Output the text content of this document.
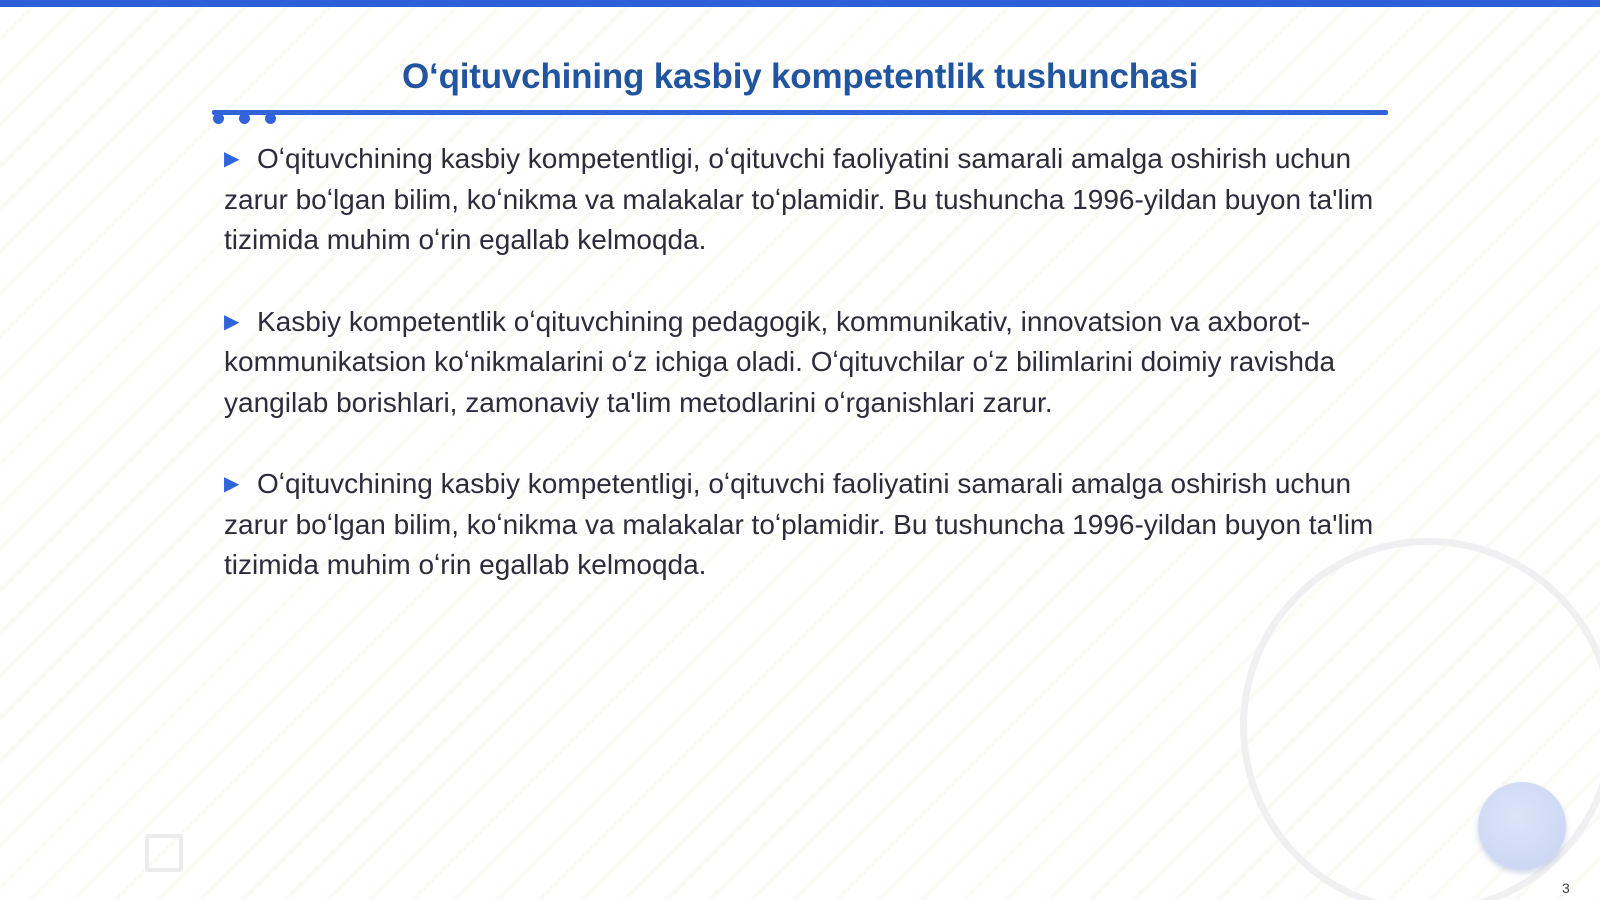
Oʻqituvchining kasbiy kompetentlik tushunchasi

▶ Oʻqituvchining kasbiy kompetentligi, oʻqituvchi faoliyatini samarali amalga oshirish uchun zarur boʻlgan bilim, koʻnikma va malakalar toʻplamidir. Bu tushuncha 1996-yildan buyon ta'lim tizimida muhim oʻrin egallab kelmoqda.

▶ Kasbiy kompetentlik oʻqituvchining pedagogik, kommunikativ, innovatsion va axborot-kommunikatsion koʻnikmalarini oʻz ichiga oladi. Oʻqituvchilar oʻz bilimlarini doimiy ravishda yangilab borishlari, zamonaviy ta'lim metodlarini oʻrganishlari zarur.

▶ Oʻqituvchining kasbiy kompetentligi, oʻqituvchi faoliyatini samarali amalga oshirish uchun zarur boʻlgan bilim, koʻnikma va malakalar toʻplamidir. Bu tushuncha 1996-yildan buyon ta'lim tizimida muhim oʻrin egallab kelmoqda.

3
